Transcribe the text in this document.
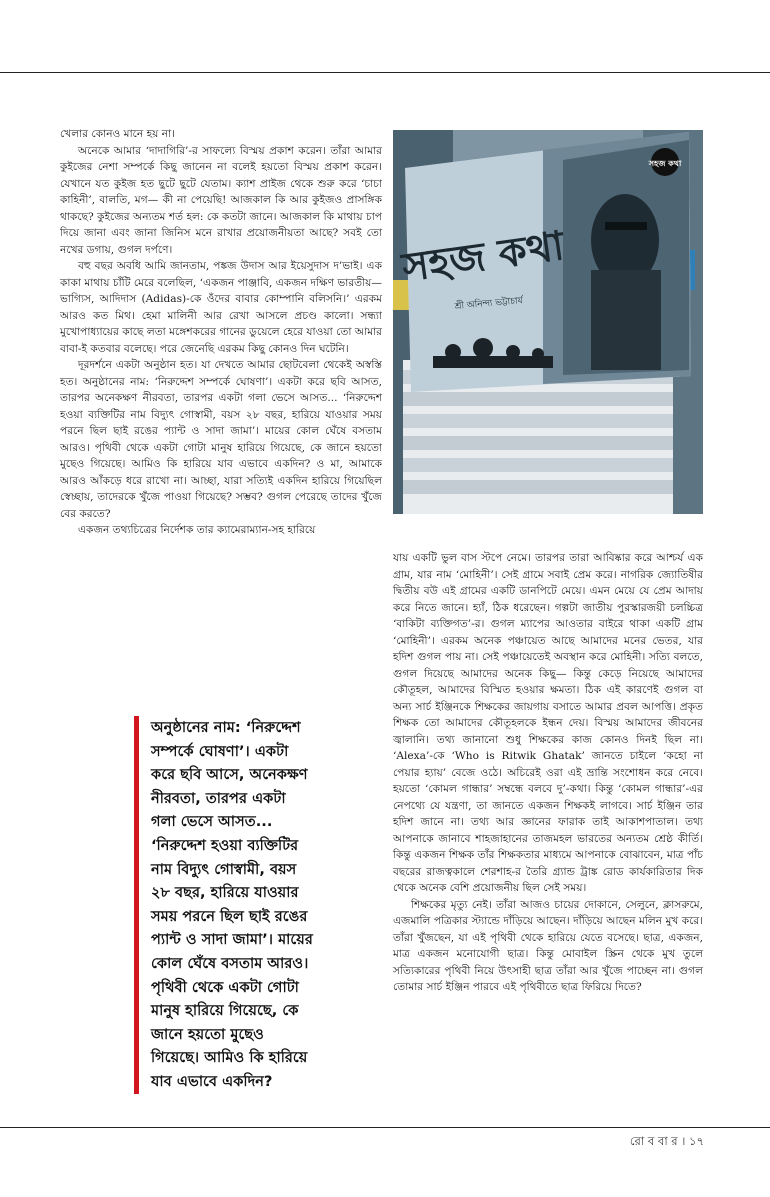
খেলার কোনও মানে হয় না।

অনেকে আমার ‘দাদাগিরি’-র সাফল্যে বিস্ময় প্রকাশ করেন। তাঁরা আমার কুইজের নেশা সম্পর্কে কিছু জানেন না বলেই হয়তো বিস্ময় প্রকাশ করেন। যেখানে যত কুইজ হত ছুটে ছুটে যেতাম। ক্যাশ প্রাইজ থেকে শুরু করে ‘চাচা কাহিনী’, বালতি, মগ— কী না পেয়েছি! আজকাল কি আর কুইজও প্রাসঙ্গিক থাকছে? কুইজের অন্যতম শর্ত হল: কে কতটা জানে। আজকাল কি মাথায় চাপ দিয়ে জানা এবং জানা জিনিস মনে রাখার প্রয়োজনীয়তা আছে? সবই তো নখের ডগায়, গুগল দর্পণে।

বহু বছর অবধি আমি জানতাম, পঙ্কজ উদাস আর ইয়েসুদাস দ’ভাই। এক কাকা মাথায় চাঁটি মেরে বলেছিল, ‘একজন পাঞ্জাবি, একজন দক্ষিণ ভারতীয়— ভাগ্যিস, আদিদাস (Adidas)-কে ওঁদের বাবার কোম্পানি বলিসনি।’ এরকম আরও কত মিথ। হেমা মালিনী আর রেখা আসলে প্রচণ্ড কালো। সন্ধ্যা মুখোপাধ্যায়ের কাছে লতা মঙ্গেশকরের গানের ডুয়েলে হেরে যাওয়া তো আমার বাবা-ই কতবার বলেছে। পরে জেনেছি এরকম কিছু কোনও দিন ঘটেনি।

দূরদর্শনে একটা অনুষ্ঠান হত। যা দেখতে আমার ছোটবেলা থেকেই অস্বস্তি হত। অনুষ্ঠানের নাম: ‘নিরুদ্দেশ সম্পর্কে ঘোষণা’। একটা করে ছবি আসত, তারপর অনেকক্ষণ নীরবতা, তারপর একটা গলা ভেসে আসত... ‘নিরুদ্দেশ হওয়া ব্যক্তিটির নাম বিদ্যুৎ গোস্বামী, বয়স ২৮ বছর, হারিয়ে যাওয়ার সময় পরনে ছিল ছাই রঙের প্যান্ট ও সাদা জামা’। মায়ের কোল ঘেঁষে বসতাম আরও। পৃথিবী থেকে একটা গোটা মানুষ হারিয়ে গিয়েছে, কে জানে হয়তো মুছেও গিয়েছে। আমিও কি হারিয়ে যাব এভাবে একদিন? ও মা, আমাকে আরও আঁকড়ে ধরে রাখো না। আচ্ছা, যারা সত্যিই একদিন হারিয়ে গিয়েছিল স্বেচ্ছায়, তাদেরকে খুঁজে পাওয়া গিয়েছে? সম্ভব? গুগল পেরেছে তাদের খুঁজে বের করতে?

একজন তথ্যচিত্রের নির্দেশক তার ক্যামেরাম্যান-সহ হারিয়ে

সহজ কথা
সহজ কথা
শ্রী অনিন্দ্য ভট্টাচার্য

যায় একটি ভুল বাস স্টপে নেমে। তারপর তারা আবিষ্কার করে আশ্চর্য এক গ্রাম, যার নাম ‘মোহিনী’। সেই গ্রামে সবাই প্রেম করে। নাগরিক জ্যোতিষীর দ্বিতীয় বউ এই গ্রামের একটি ডানপিটে মেয়ে। এমন মেয়ে যে প্রেম আদায় করে নিতে জানে। হ্যাঁ, ঠিক ধরেছেন। গল্পটা জাতীয় পুরস্কারজয়ী চলচ্চিত্র ‘বাকিটা ব্যক্তিগত’-র। গুগল ম্যাপের আওতার বাইরে থাকা একটি গ্রাম ‘মোহিনী’। এরকম অনেক পঞ্চায়েত আছে আমাদের মনের ভেতর, যার হদিশ গুগল পায় না। সেই পঞ্চায়েতেই অবস্থান করে মোহিনী। সত্যি বলতে, গুগল দিয়েছে আমাদের অনেক কিছু— কিন্তু কেড়ে নিয়েছে আমাদের কৌতূহল, আমাদের বিস্মিত হওয়ার ক্ষমতা। ঠিক এই কারণেই গুগল বা অন্য সার্চ ইঞ্জিনকে শিক্ষকের জায়গায় বসাতে আমার প্রবল আপত্তি। প্রকৃত শিক্ষক তো আমাদের কৌতূহলকে ইন্ধন দেয়। বিস্ময় আমাদের জীবনের জ্বালানি। তথ্য জানানো শুধু শিক্ষকের কাজ কোনও দিনই ছিল না। ‘Alexa’-কে ‘Who is Ritwik Ghatak’ জানতে চাইলে ‘কহো না পেয়ার হ্যায়’ বেজে ওঠে। অচিরেই ওরা এই ভ্রান্তি সংশোধন করে নেবে। হয়তো ‘কোমল গান্ধার’ সম্বন্ধে বলবে দু’-কথা। কিন্তু ‘কোমল গান্ধার’-এর নেপথ্যে যে যন্ত্রণা, তা জানতে একজন শিক্ষকই লাগবে। সার্চ ইঞ্জিন তার হদিশ জানে না। তথ্য আর জ্ঞানের ফারাক তাই আকাশপাতাল। তথ্য আপনাকে জানাবে শাহজাহানের তাজমহল ভারতের অন্যতম শ্রেষ্ঠ কীর্তি। কিন্তু একজন শিক্ষক তাঁর শিক্ষকতার মাধ্যমে আপনাকে বোঝাবেন, মাত্র পাঁচ বছরের রাজত্বকালে শেরশাহ-র তৈরি গ্র্যান্ড ট্রাঙ্ক রোড কার্যকারিতার দিক থেকে অনেক বেশি প্রয়োজনীয় ছিল সেই সময়।

শিক্ষকের মৃত্যু নেই। তাঁরা আজও চায়ের দোকানে, সেলুনে, ক্লাসরুমে, এজমালি পত্রিকার স্ট্যান্ডে দাঁড়িয়ে আছেন। দাঁড়িয়ে আছেন মলিন মুখ করে। তাঁরা খুঁজছেন, যা এই পৃথিবী থেকে হারিয়ে যেতে বসেছে। ছাত্র, একজন, মাত্র একজন মনোযোগী ছাত্র। কিন্তু মোবাইল স্ক্রিন থেকে মুখ তুলে সত্যিকারের পৃথিবী নিয়ে উৎসাহী ছাত্র তাঁরা আর খুঁজে পাচ্ছেন না। গুগল তোমার সার্চ ইঞ্জিন পারবে এই পৃথিবীতে ছাত্র ফিরিয়ে দিতে?

অনুষ্ঠানের নাম: ‘নিরুদ্দেশ সম্পর্কে ঘোষণা’। একটা করে ছবি আসে, অনেকক্ষণ নীরবতা, তারপর একটা গলা ভেসে আসত... ‘নিরুদ্দেশ হওয়া ব্যক্তিটির নাম বিদ্যুৎ গোস্বামী, বয়স ২৮ বছর, হারিয়ে যাওয়ার সময় পরনে ছিল ছাই রঙের প্যান্ট ও সাদা জামা’। মায়ের কোল ঘেঁষে বসতাম আরও। পৃথিবী থেকে একটা গোটা মানুষ হারিয়ে গিয়েছে, কে জানে হয়তো মুছেও গিয়েছে। আমিও কি হারিয়ে যাব এভাবে একদিন?
রো ব বা র । ১৭
